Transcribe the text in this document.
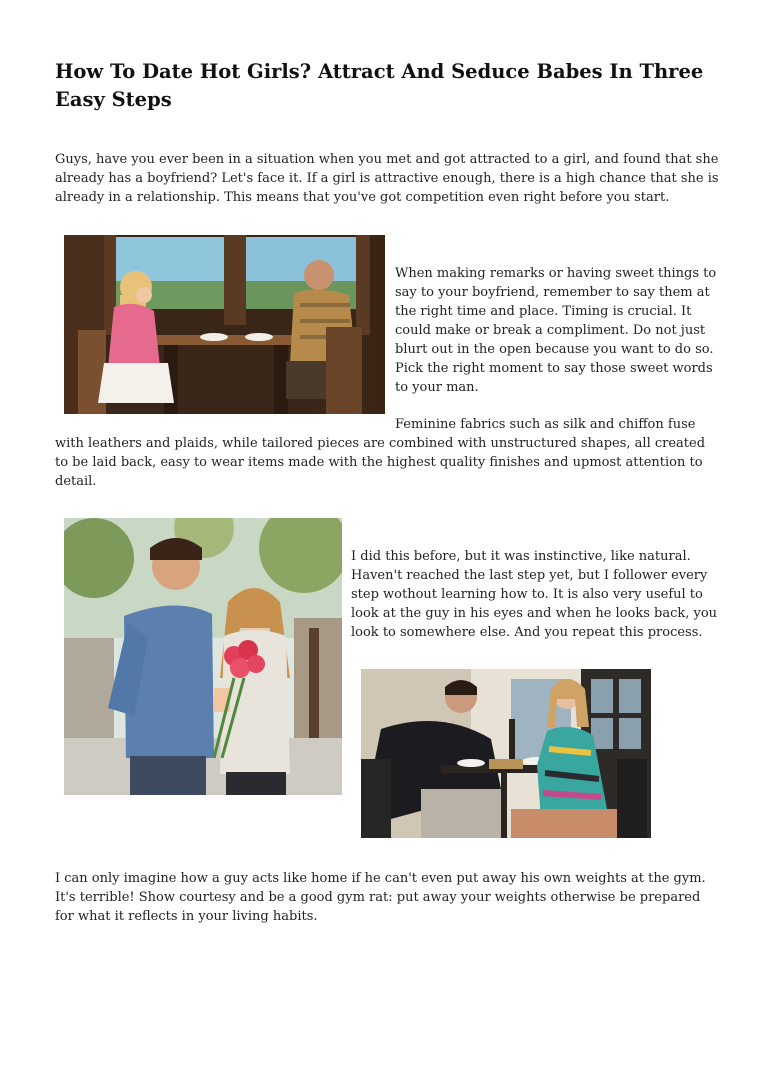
How To Date Hot Girls? Attract And Seduce Babes In Three Easy Steps

Guys, have you ever been in a situation when you met and got attracted to a girl, and found that she already has a boyfriend? Let's face it. If a girl is attractive enough, there is a high chance that she is already in a relationship. This means that you've got competition even right before you start.

When making remarks or having sweet things to say to your boyfriend, remember to say them at the right time and place. Timing is crucial. It could make or break a compliment. Do not just blurt out in the open because you want to do so. Pick the right moment to say those sweet words to your man.

Feminine fabrics such as silk and chiffon fuse

with leathers and plaids, while tailored pieces are combined with unstructured shapes, all created to be laid back, easy to wear items made with the highest quality finishes and upmost attention to detail.

I did this before, but it was instinctive, like natural. Haven't reached the last step yet, but I follower every step wothout learning how to. It is also very useful to look at the guy in his eyes and when he looks back, you look to somewhere else. And you repeat this process.

I can only imagine how a guy acts like home if he can't even put away his own weights at the gym. It's terrible! Show courtesy and be a good gym rat: put away your weights otherwise be prepared for what it reflects in your living habits.
